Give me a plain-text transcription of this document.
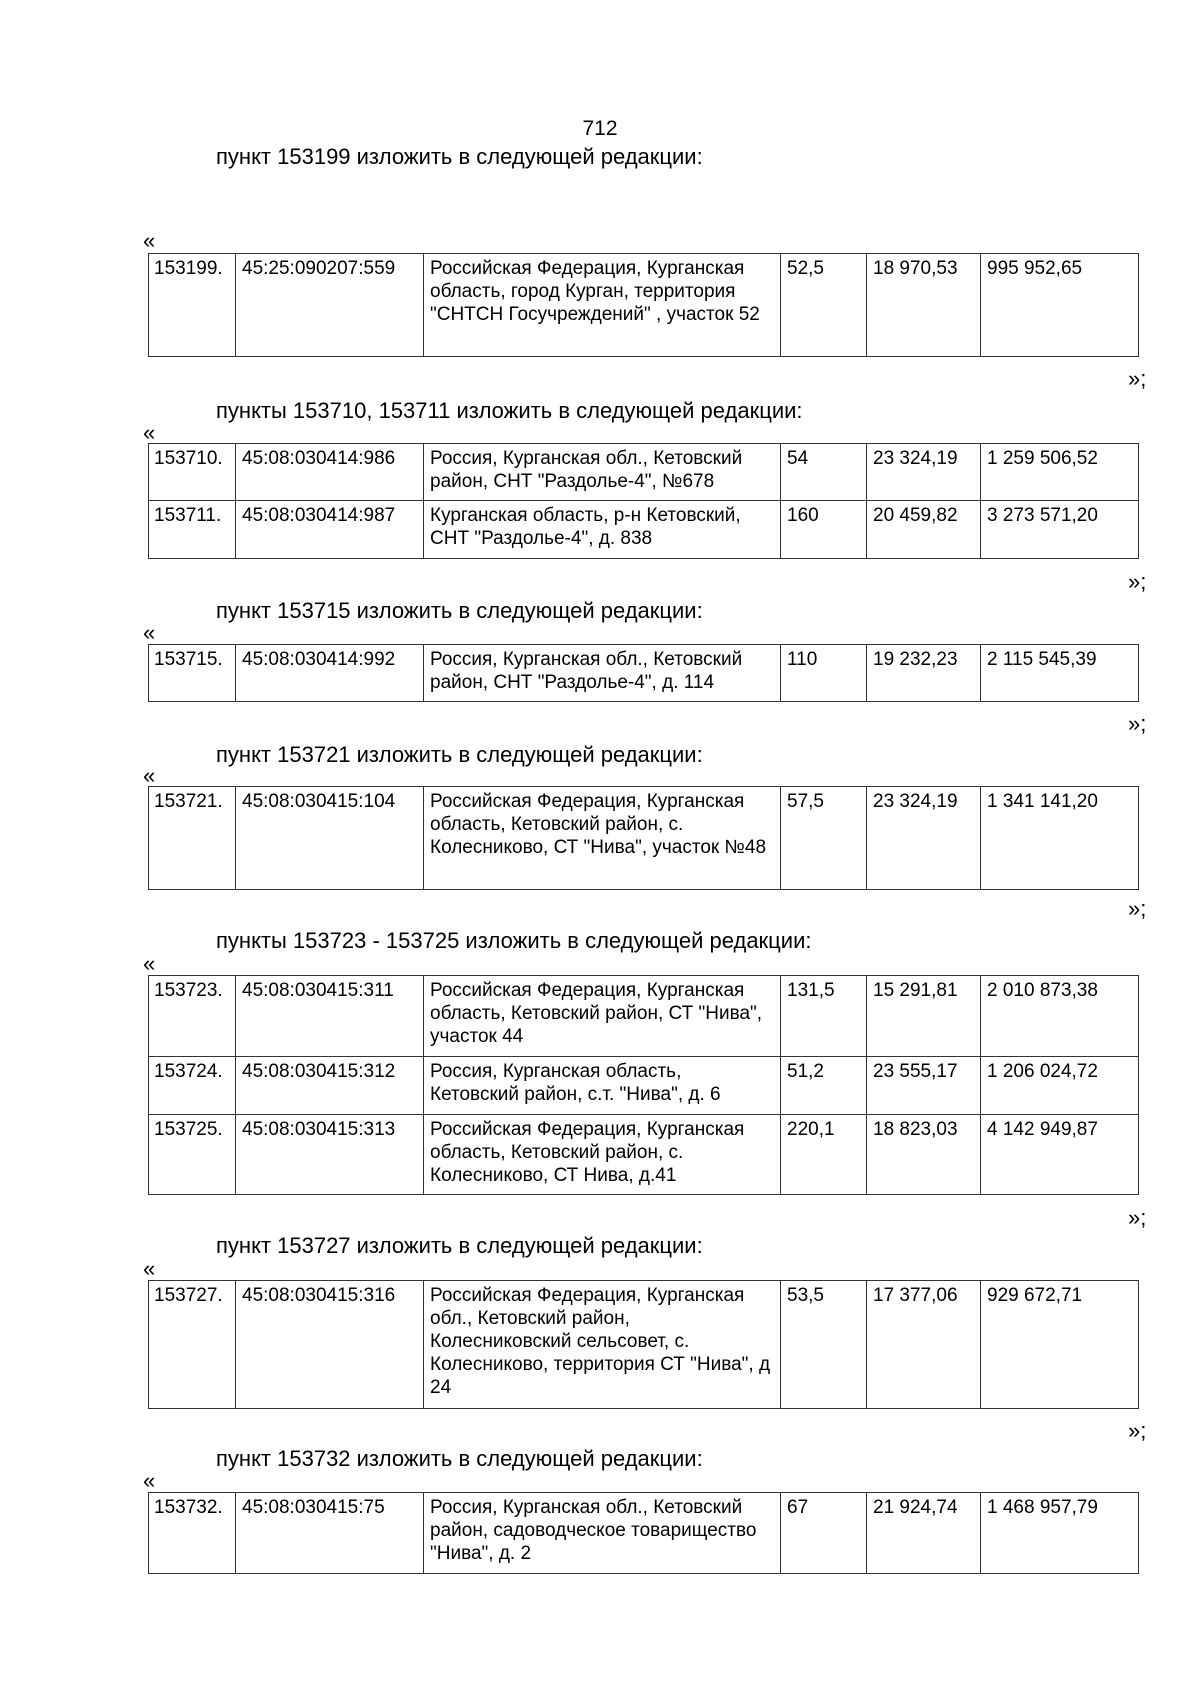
712
пункт 153199 изложить в следующей редакции:
«
153199.	45:25:090207:559	Российская Федерация, Курганская область, город Курган, территория "СНТСН Госучреждений" , участок 52	52,5	18 970,53	995 952,65
»;
пункты 153710, 153711 изложить в следующей редакции:
«
153710.	45:08:030414:986	Россия, Курганская обл., Кетовский район, СНТ "Раздолье-4", №678	54	23 324,19	1 259 506,52
153711.	45:08:030414:987	Курганская область, р-н Кетовский, СНТ "Раздолье-4", д. 838	160	20 459,82	3 273 571,20
»;
пункт 153715 изложить в следующей редакции:
«
153715.	45:08:030414:992	Россия, Курганская обл., Кетовский район, СНТ "Раздолье-4", д. 114	110	19 232,23	2 115 545,39
»;
пункт 153721 изложить в следующей редакции:
«
153721.	45:08:030415:104	Российская Федерация, Курганская область, Кетовский район, с. Колесниково, СТ "Нива", участок №48	57,5	23 324,19	1 341 141,20
»;
пункты 153723 - 153725 изложить в следующей редакции:
«
153723.	45:08:030415:311	Российская Федерация, Курганская область, Кетовский район, СТ "Нива", участок 44	131,5	15 291,81	2 010 873,38
153724.	45:08:030415:312	Россия, Курганская область, Кетовский район, с.т. "Нива", д. 6	51,2	23 555,17	1 206 024,72
153725.	45:08:030415:313	Российская Федерация, Курганская область, Кетовский район, с. Колесниково, СТ Нива, д.41	220,1	18 823,03	4 142 949,87
»;
пункт 153727 изложить в следующей редакции:
«
153727.	45:08:030415:316	Российская Федерация, Курганская обл., Кетовский район, Колесниковский сельсовет, с. Колесниково, территория СТ "Нива", д 24	53,5	17 377,06	929 672,71
»;
пункт 153732 изложить в следующей редакции:
«
153732.	45:08:030415:75	Россия, Курганская обл., Кетовский район, садоводческое товарищество "Нива", д. 2	67	21 924,74	1 468 957,79
